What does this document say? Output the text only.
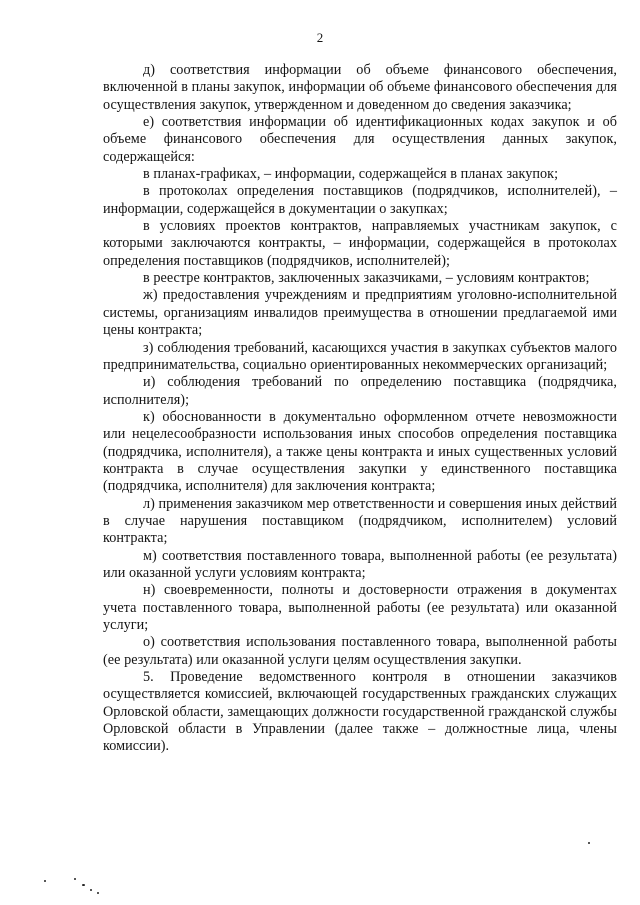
2

д) соответствия информации об объеме финансового обеспечения, включенной в планы закупок, информации об объеме финансового обеспечения для осуществления закупок, утвержденном и доведенном до сведения заказчика;

е) соответствия информации об идентификационных кодах закупок и об объеме финансового обеспечения для осуществления данных закупок, содержащейся:

в планах-графиках, – информации, содержащейся в планах закупок;

в протоколах определения поставщиков (подрядчиков, исполнителей), – информации, содержащейся в документации о закупках;

в условиях проектов контрактов, направляемых участникам закупок, с которыми заключаются контракты, – информации, содержащейся в протоколах определения поставщиков (подрядчиков, исполнителей);

в реестре контрактов, заключенных заказчиками, – условиям контрактов;

ж) предоставления учреждениям и предприятиям уголовно-исполнительной системы, организациям инвалидов преимущества в отношении предлагаемой ими цены контракта;

з) соблюдения требований, касающихся участия в закупках субъектов малого предпринимательства, социально ориентированных некоммерческих организаций;

и) соблюдения требований по определению поставщика (подрядчика, исполнителя);

к) обоснованности в документально оформленном отчете невозможности или нецелесообразности использования иных способов определения поставщика (подрядчика, исполнителя), а также цены контракта и иных существенных условий контракта в случае осуществления закупки у единственного поставщика (подрядчика, исполнителя) для заключения контракта;

л) применения заказчиком мер ответственности и совершения иных действий в случае нарушения поставщиком (подрядчиком, исполнителем) условий контракта;

м) соответствия поставленного товара, выполненной работы (ее результата) или оказанной услуги условиям контракта;

н) своевременности, полноты и достоверности отражения в документах учета поставленного товара, выполненной работы (ее результата) или оказанной услуги;

о) соответствия использования поставленного товара, выполненной работы (ее результата) или оказанной услуги целям осуществления закупки.

5. Проведение ведомственного контроля в отношении заказчиков осуществляется комиссией, включающей государственных гражданских служащих Орловской области, замещающих должности государственной гражданской службы Орловской области в Управлении (далее также – должностные лица, члены комиссии).
